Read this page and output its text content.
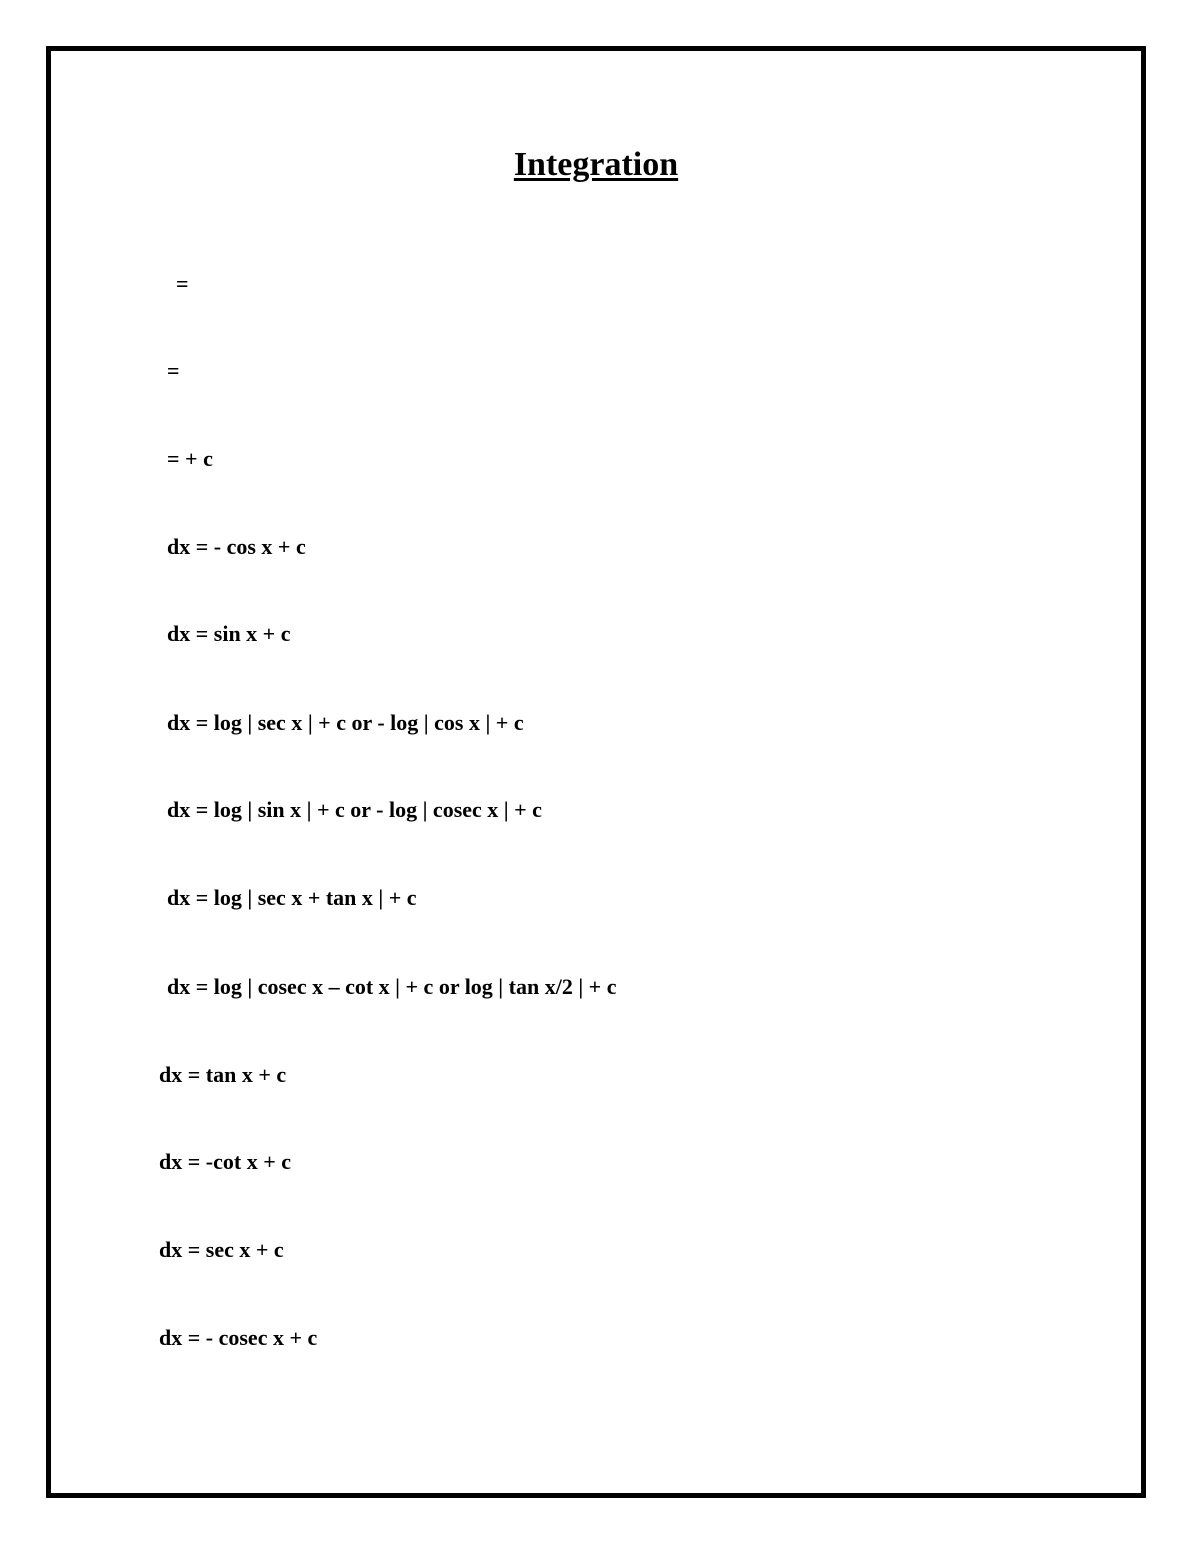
Integration
=
=
= + c
dx = - cos x + c
dx = sin x + c
dx = log | sec x | + c or - log | cos x | + c
dx = log | sin x | + c or - log | cosec x | + c
dx = log | sec x + tan x | + c
dx = log | cosec x – cot x | + c or log | tan x/2 | + c
dx = tan x + c
dx = -cot x + c
dx = sec x + c
dx = - cosec x + c
